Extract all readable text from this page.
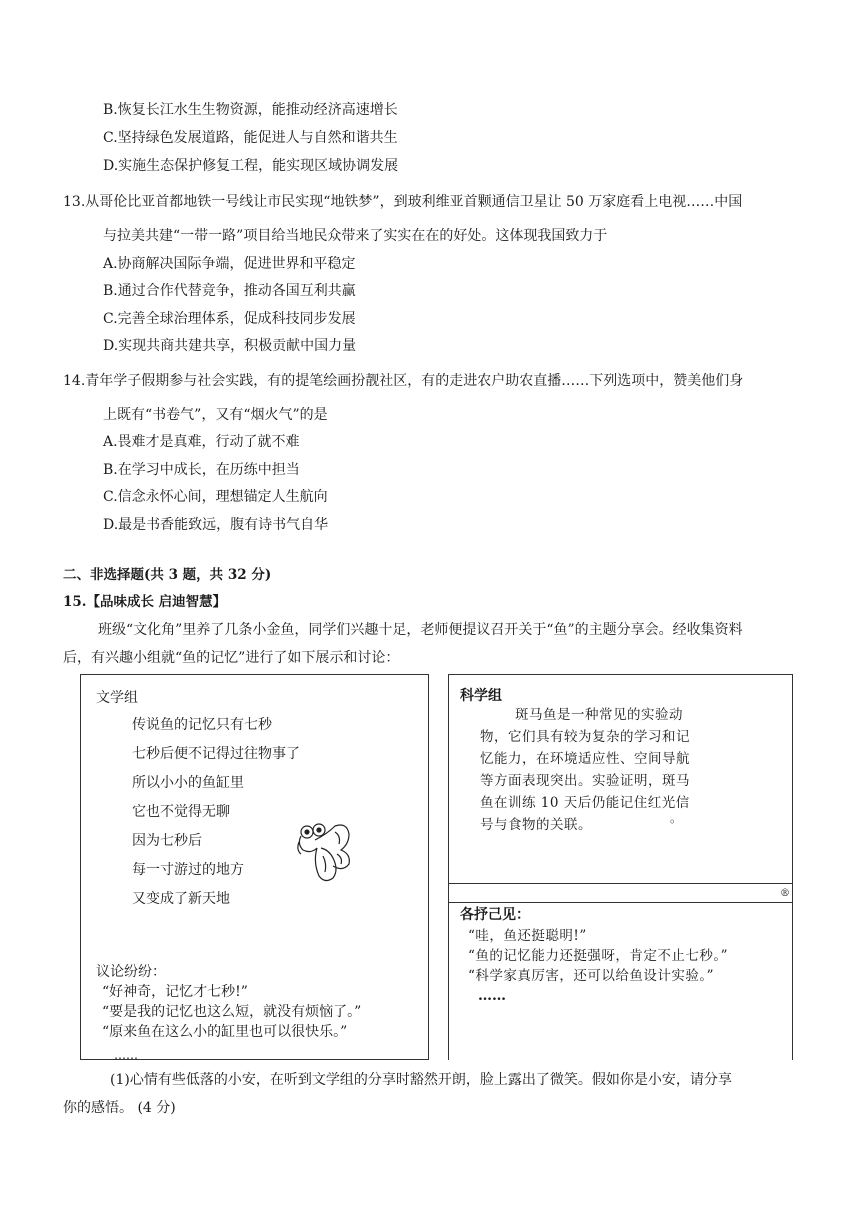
B.恢复长江水生生物资源，能推动经济高速增长
C.坚持绿色发展道路，能促进人与自然和谐共生
D.实施生态保护修复工程，能实现区域协调发展
13.从哥伦比亚首都地铁一号线让市民实现“地铁梦”，到玻利维亚首颗通信卫星让 50 万家庭看上电视……中国
与拉美共建“一带一路”项目给当地民众带来了实实在在的好处。这体现我国致力于
A.协商解决国际争端，促进世界和平稳定
B.通过合作代替竞争，推动各国互利共赢
C.完善全球治理体系，促成科技同步发展
D.实现共商共建共享，积极贡献中国力量
14.青年学子假期参与社会实践，有的提笔绘画扮靓社区，有的走进农户助农直播……下列选项中，赞美他们身
上既有“书卷气”，又有“烟火气”的是
A.畏难才是真难，行动了就不难
B.在学习中成长，在历练中担当
C.信念永怀心间，理想锚定人生航向
D.最是书香能致远，腹有诗书气自华
二、非选择题(共 3 题，共 32 分)
15.【品味成长 启迪智慧】
班级“文化角”里养了几条小金鱼，同学们兴趣十足，老师便提议召开关于“鱼”的主题分享会。经收集资料
后，有兴趣小组就“鱼的记忆”进行了如下展示和讨论：
文学组
传说鱼的记忆只有七秒
七秒后便不记得过往物事了
所以小小的鱼缸里
它也不觉得无聊
因为七秒后
每一寸游过的地方
又变成了新天地
议论纷纷：
“好神奇，记忆才七秒!”
“要是我的记忆也这么短，就没有烦恼了。”
“原来鱼在这么小的缸里也可以很快乐。”
……
科学组
斑马鱼是一种常见的实验动
物，它们具有较为复杂的学习和记
忆能力，在环境适应性、空间导航
等方面表现突出。实验证明，斑马
鱼在训练 10 天后仍能记住红光信
号与食物的关联。	。
®
各抒己见：
“哇，鱼还挺聪明!”
“鱼的记忆能力还挺强呀，肯定不止七秒。”
“科学家真厉害，还可以给鱼设计实验。”
……
(1)心情有些低落的小安，在听到文学组的分享时豁然开朗，脸上露出了微笑。假如你是小安，请分享
你的感悟。 (4 分)
